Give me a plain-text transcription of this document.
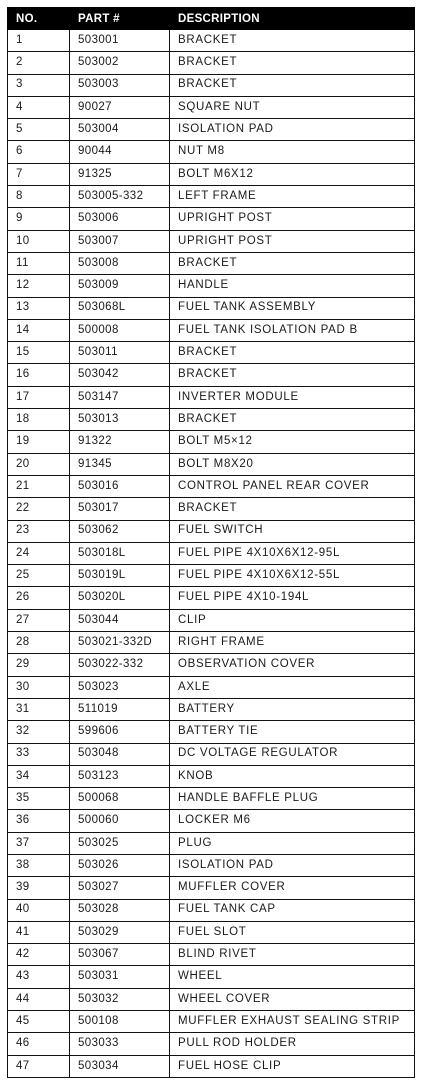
NO.	PART #	DESCRIPTION
1	503001	BRACKET
2	503002	BRACKET
3	503003	BRACKET
4	90027	SQUARE NUT
5	503004	ISOLATION PAD
6	90044	NUT M8
7	91325	BOLT M6X12
8	503005-332	LEFT FRAME
9	503006	UPRIGHT POST
10	503007	UPRIGHT POST
11	503008	BRACKET
12	503009	HANDLE
13	503068L	FUEL TANK ASSEMBLY
14	500008	FUEL TANK ISOLATION PAD B
15	503011	BRACKET
16	503042	BRACKET
17	503147	INVERTER MODULE
18	503013	BRACKET
19	91322	BOLT M5×12
20	91345	BOLT M8X20
21	503016	CONTROL PANEL REAR COVER
22	503017	BRACKET
23	503062	FUEL SWITCH
24	503018L	FUEL PIPE 4X10X6X12-95L
25	503019L	FUEL PIPE 4X10X6X12-55L
26	503020L	FUEL PIPE 4X10-194L
27	503044	CLIP
28	503021-332D	RIGHT FRAME
29	503022-332	OBSERVATION COVER
30	503023	AXLE
31	511019	BATTERY
32	599606	BATTERY TIE
33	503048	DC VOLTAGE REGULATOR
34	503123	KNOB
35	500068	HANDLE BAFFLE PLUG
36	500060	LOCKER M6
37	503025	PLUG
38	503026	ISOLATION PAD
39	503027	MUFFLER COVER
40	503028	FUEL TANK CAP
41	503029	FUEL SLOT
42	503067	BLIND RIVET
43	503031	WHEEL
44	503032	WHEEL COVER
45	500108	MUFFLER EXHAUST SEALING STRIP
46	503033	PULL ROD HOLDER
47	503034	FUEL HOSE CLIP
